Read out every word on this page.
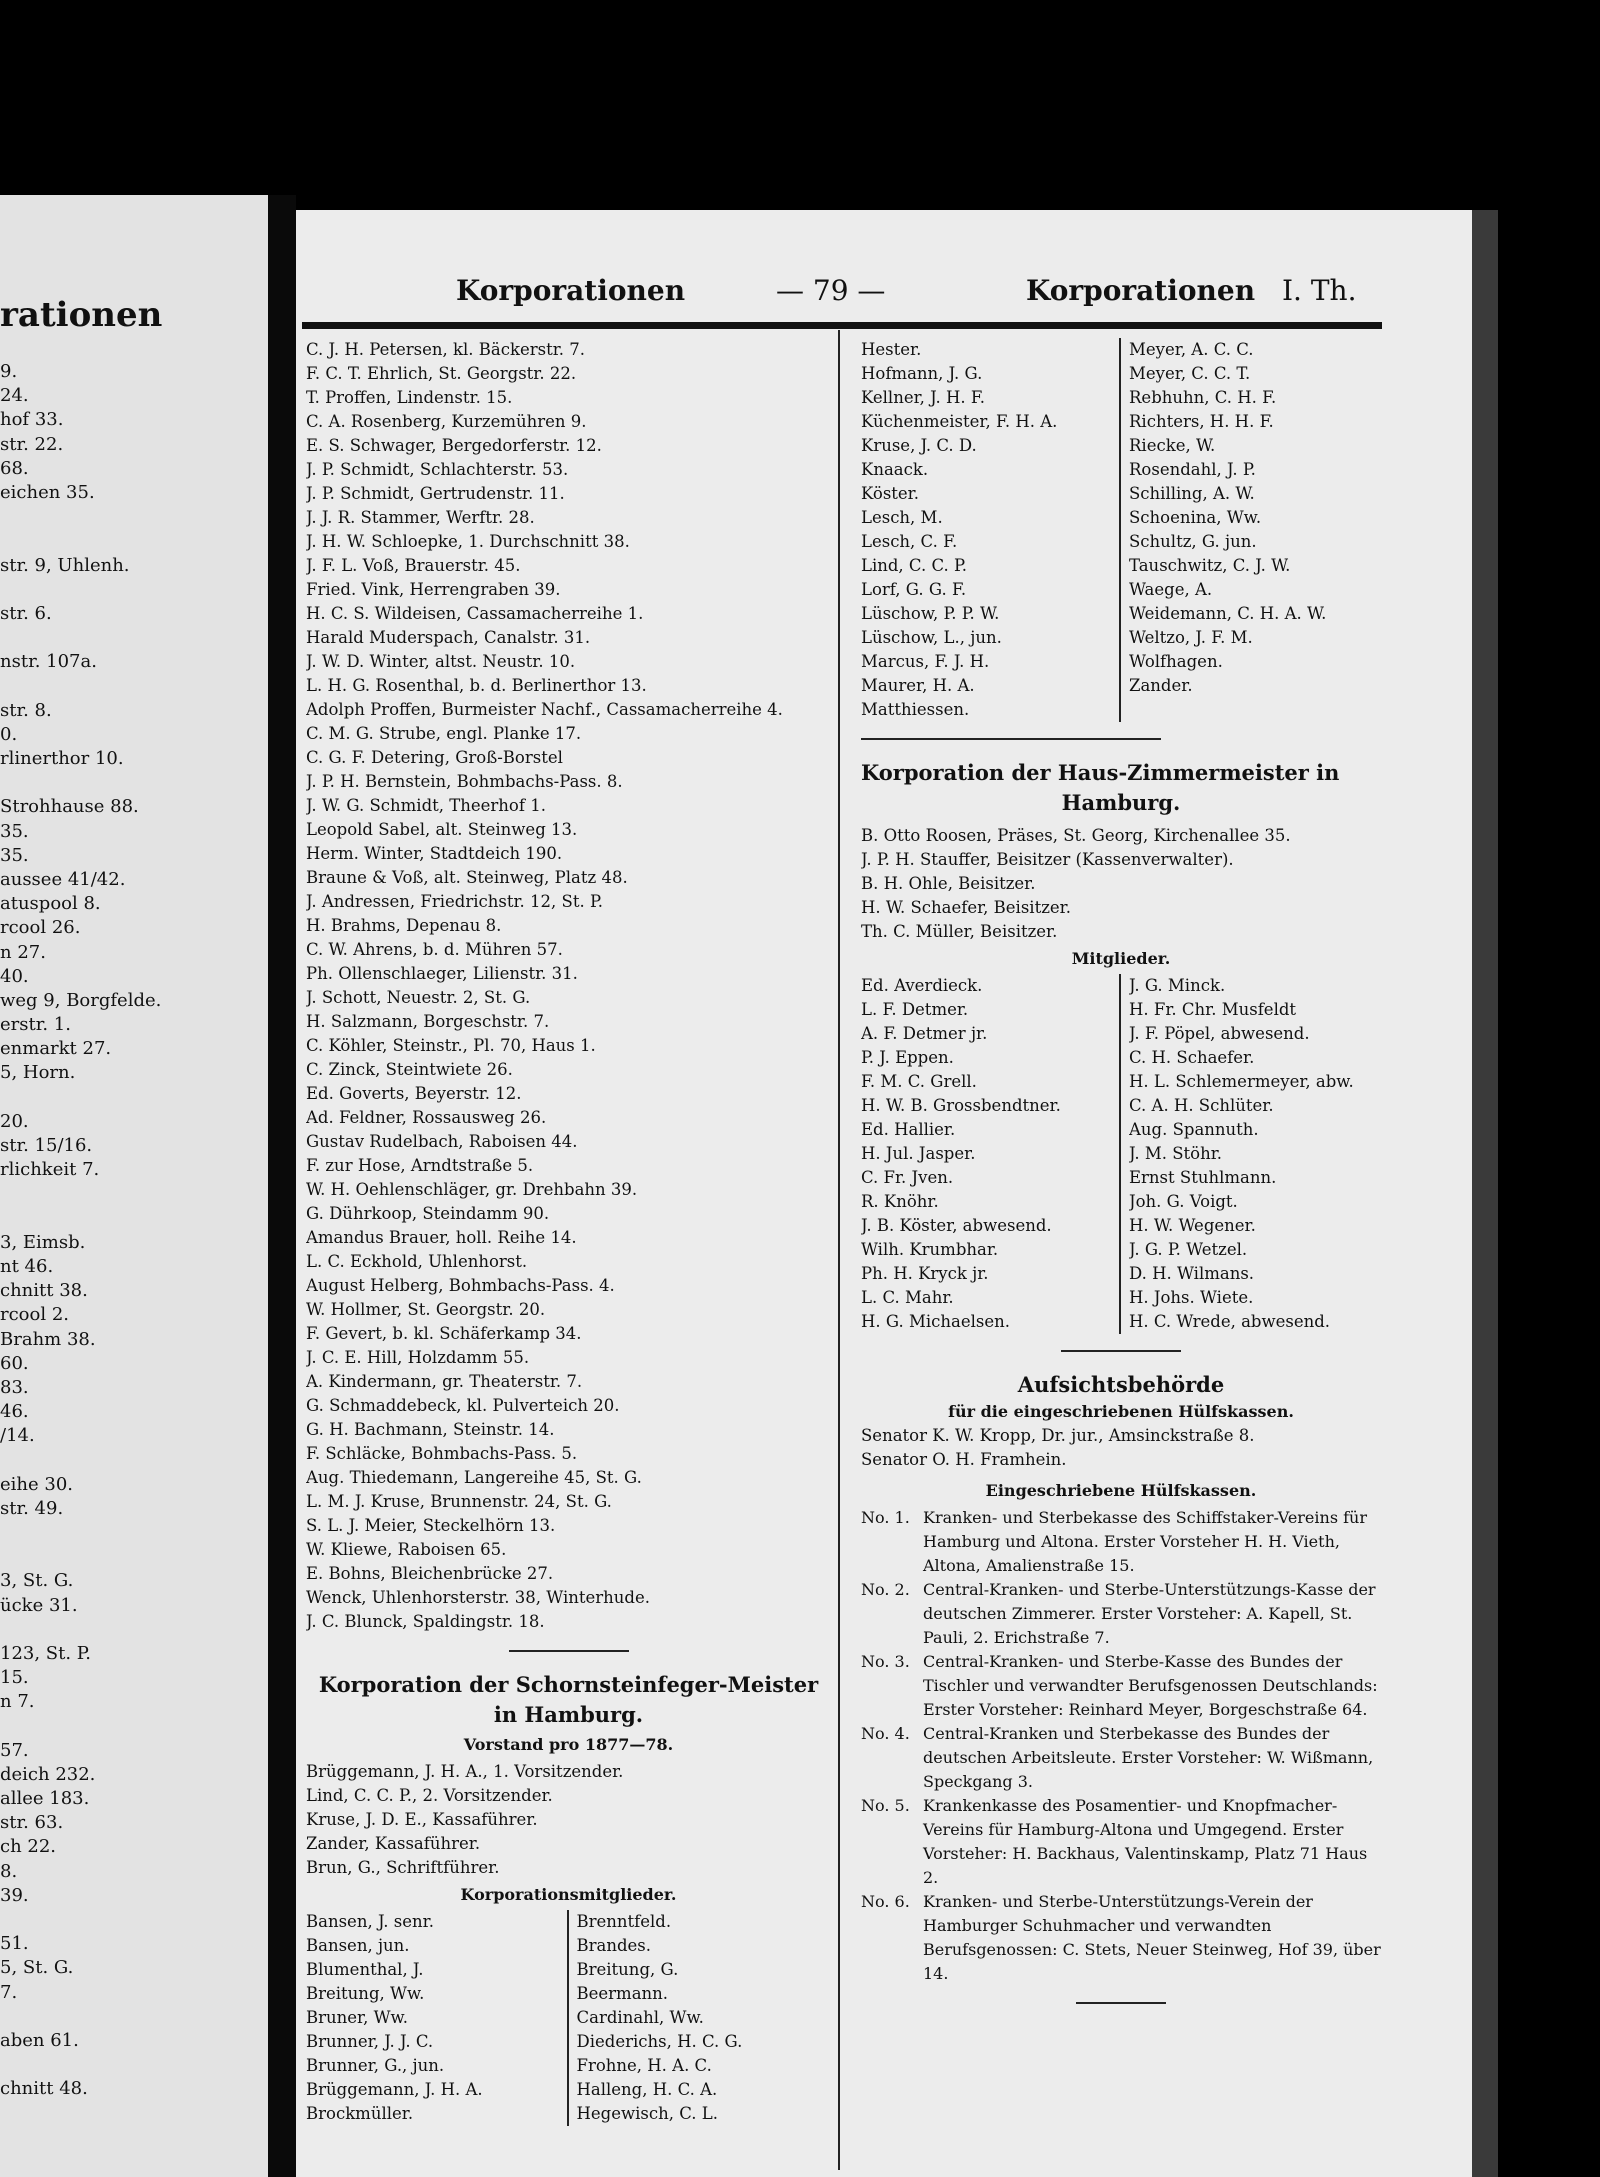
rationen
9.
24.
hof 33.
str. 22.
68.
eichen 35.
str. 9, Uhlenh.
str. 6.
nstr. 107a.
str. 8.
0.
rlinerthor 10.
Strohhause 88.
35.
35.
aussee 41/42.
atuspool 8.
rcool 26.
n 27.
40.
weg 9, Borgfelde.
erstr. 1.
enmarkt 27.
5, Horn.
20.
str. 15/16.
rlichkeit 7.
3, Eimsb.
nt 46.
chnitt 38.
rcool 2.
Brahm 38.
60.
83.
46.
/14.
eihe 30.
str. 49.
3, St. G.
ücke 31.
123, St. P.
15.
n 7.
57.
deich 232.
allee 183.
str. 63.
ch 22.
8.
39.
51.
5, St. G.
7.
aben 61.
chnitt 48.
Korporationen	— 79 —	Korporationen I. Th.
C. J. H. Petersen, kl. Bäckerstr. 7.
F. C. T. Ehrlich, St. Georgstr. 22.
T. Proffen, Lindenstr. 15.
C. A. Rosenberg, Kurzemühren 9.
E. S. Schwager, Bergedorferstr. 12.
J. P. Schmidt, Schlachterstr. 53.
J. P. Schmidt, Gertrudenstr. 11.
J. J. R. Stammer, Werftr. 28.
J. H. W. Schloepke, 1. Durchschnitt 38.
J. F. L. Voß, Brauerstr. 45.
Fried. Vink, Herrengraben 39.
H. C. S. Wildeisen, Cassamacherreihe 1.
Harald Muderspach, Canalstr. 31.
J. W. D. Winter, altst. Neustr. 10.
L. H. G. Rosenthal, b. d. Berlinerthor 13.
Adolph Proffen, Burmeister Nachf., Cassamacherreihe 4.
C. M. G. Strube, engl. Planke 17.
C. G. F. Detering, Groß-Borstel
J. P. H. Bernstein, Bohmbachs-Pass. 8.
J. W. G. Schmidt, Theerhof 1.
Leopold Sabel, alt. Steinweg 13.
Herm. Winter, Stadtdeich 190.
Braune & Voß, alt. Steinweg, Platz 48.
J. Andressen, Friedrichstr. 12, St. P.
H. Brahms, Depenau 8.
C. W. Ahrens, b. d. Mühren 57.
Ph. Ollenschlaeger, Lilienstr. 31.
J. Schott, Neuestr. 2, St. G.
H. Salzmann, Borgeschstr. 7.
C. Köhler, Steinstr., Pl. 70, Haus 1.
C. Zinck, Steintwiete 26.
Ed. Goverts, Beyerstr. 12.
Ad. Feldner, Rossausweg 26.
Gustav Rudelbach, Raboisen 44.
F. zur Hose, Arndtstraße 5.
W. H. Oehlenschläger, gr. Drehbahn 39.
G. Dührkoop, Steindamm 90.
Amandus Brauer, holl. Reihe 14.
L. C. Eckhold, Uhlenhorst.
August Helberg, Bohmbachs-Pass. 4.
W. Hollmer, St. Georgstr. 20.
F. Gevert, b. kl. Schäferkamp 34.
J. C. E. Hill, Holzdamm 55.
A. Kindermann, gr. Theaterstr. 7.
G. Schmaddebeck, kl. Pulverteich 20.
G. H. Bachmann, Steinstr. 14.
F. Schläcke, Bohmbachs-Pass. 5.
Aug. Thiedemann, Langereihe 45, St. G.
L. M. J. Kruse, Brunnenstr. 24, St. G.
S. L. J. Meier, Steckelhörn 13.
W. Kliewe, Raboisen 65.
E. Bohns, Bleichenbrücke 27.
Wenck, Uhlenhorsterstr. 38, Winterhude.
J. C. Blunck, Spaldingstr. 18.
Korporation der Schornsteinfeger-Meister
in Hamburg.
Vorstand pro 1877—78.
Brüggemann, J. H. A., 1. Vorsitzender.
Lind, C. C. P., 2. Vorsitzender.
Kruse, J. D. E., Kassaführer.
Zander, Kassaführer.
Brun, G., Schriftführer.
Korporationsmitglieder.
Bansen, J. senr.
Bansen, jun.
Blumenthal, J.
Breitung, Ww.
Bruner, Ww.
Brunner, J. J. C.
Brunner, G., jun.
Brüggemann, J. H. A.
Brockmüller.
Brenntfeld.
Brandes.
Breitung, G.
Beermann.
Cardinahl, Ww.
Diederichs, H. C. G.
Frohne, H. A. C.
Halleng, H. C. A.
Hegewisch, C. L.
Hester.
Hofmann, J. G.
Kellner, J. H. F.
Küchenmeister, F. H. A.
Kruse, J. C. D.
Knaack.
Köster.
Lesch, M.
Lesch, C. F.
Lind, C. C. P.
Lorf, G. G. F.
Lüschow, P. P. W.
Lüschow, L., jun.
Marcus, F. J. H.
Maurer, H. A.
Matthiessen.
Meyer, A. C. C.
Meyer, C. C. T.
Rebhuhn, C. H. F.
Richters, H. H. F.
Riecke, W.
Rosendahl, J. P.
Schilling, A. W.
Schoenina, Ww.
Schultz, G. jun.
Tauschwitz, C. J. W.
Waege, A.
Weidemann, C. H. A. W.
Weltzo, J. F. M.
Wolfhagen.
Zander.
Korporation der Haus-Zimmermeister in
Hamburg.
B. Otto Roosen, Präses, St. Georg, Kirchenallee 35.
J. P. H. Stauffer, Beisitzer (Kassenverwalter).
B. H. Ohle, Beisitzer.
H. W. Schaefer, Beisitzer.
Th. C. Müller, Beisitzer.
Mitglieder.
Ed. Averdieck.
L. F. Detmer.
A. F. Detmer jr.
P. J. Eppen.
F. M. C. Grell.
H. W. B. Grossbendtner.
Ed. Hallier.
H. Jul. Jasper.
C. Fr. Jven.
R. Knöhr.
J. B. Köster, abwesend.
Wilh. Krumbhar.
Ph. H. Kryck jr.
L. C. Mahr.
H. G. Michaelsen.
J. G. Minck.
H. Fr. Chr. Musfeldt
J. F. Pöpel, abwesend.
C. H. Schaefer.
H. L. Schlemermeyer, abw.
C. A. H. Schlüter.
Aug. Spannuth.
J. M. Stöhr.
Ernst Stuhlmann.
Joh. G. Voigt.
H. W. Wegener.
J. G. P. Wetzel.
D. H. Wilmans.
H. Johs. Wiete.
H. C. Wrede, abwesend.
Aufsichtsbehörde
für die eingeschriebenen Hülfskassen.
Senator K. W. Kropp, Dr. jur., Amsinckstraße 8.
Senator O. H. Framhein.
Eingeschriebene Hülfskassen.
No. 1. Kranken- und Sterbekasse des Schiffstaker-Vereins für Hamburg und Altona. Erster Vorsteher H. H. Vieth, Altona, Amalienstraße 15.
No. 2. Central-Kranken- und Sterbe-Unterstützungs-Kasse der deutschen Zimmerer. Erster Vorsteher: A. Kapell, St. Pauli, 2. Erichstraße 7.
No. 3. Central-Kranken- und Sterbe-Kasse des Bundes der Tischler und verwandter Berufsgenossen Deutschlands: Erster Vorsteher: Reinhard Meyer, Borgeschstraße 64.
No. 4. Central-Kranken und Sterbekasse des Bundes der deutschen Arbeitsleute. Erster Vorsteher: W. Wißmann, Speckgang 3.
No. 5. Krankenkasse des Posamentier- und Knopfmacher-Vereins für Hamburg-Altona und Umgegend. Erster Vorsteher: H. Backhaus, Valentinskamp, Platz 71 Haus 2.
No. 6. Kranken- und Sterbe-Unterstützungs-Verein der Hamburger Schuhmacher und verwandten Berufsgenossen: C. Stets, Neuer Steinweg, Hof 39, über 14.
